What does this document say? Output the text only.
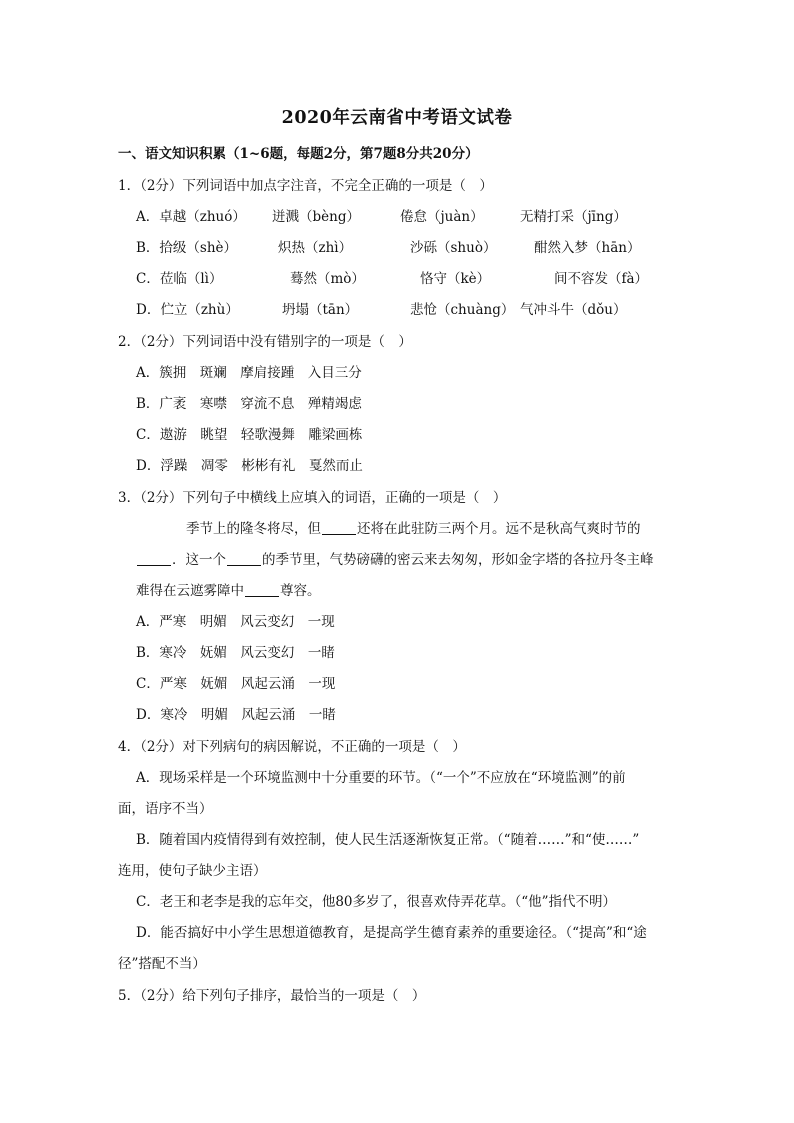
2020年云南省中考语文试卷
一、语文知识积累（1~6题，每题2分，第7题8分共20分）
1．（2分）下列词语中加点字注音，不完全正确的一项是（　）
A．卓越（zhuó） 迸溅（bèng）	倦怠（juàn）	无精打采（jīng）
B．拾级（shè）	炽热（zhì）	沙砾（shuò）	酣然入梦（hān）
C．莅临（lì）	蓦然（mò）	恪守（kè）	间不容发（fà）
D．伫立（zhù）	坍塌（tān）	悲怆（chuàng） 气冲斗牛（dǒu）
2．（2分）下列词语中没有错别字的一项是（　）
A．簇拥　斑斓　摩肩接踵　入目三分
B．广袤　寒噤　穿流不息　殚精竭虑
C．遨游　眺望　轻歌漫舞　雕梁画栋
D．浮躁　凋零　彬彬有礼　戛然而止
3．（2分）下列句子中横线上应填入的词语，正确的一项是（　）
季节上的隆冬将尽，但	还将在此驻防三两个月。远不是秋高气爽时节的
．这一个	的季节里，气势磅礴的密云来去匆匆，形如金字塔的各拉丹冬主峰
难得在云遮雾障中	尊容。
A．严寒　明媚　风云变幻　一现
B．寒冷　妩媚　风云变幻　一睹
C．严寒　妩媚　风起云涌　一现
D．寒冷　明媚　风起云涌　一睹
4．（2分）对下列病句的病因解说，不正确的一项是（　）
A．现场采样是一个环境监测中十分重要的环节。（“一个”不应放在“环境监测”的前
面，语序不当）
B．随着国内疫情得到有效控制，使人民生活逐渐恢复正常。（“随着……”和“使……”
连用，使句子缺少主语）
C．老王和老李是我的忘年交，他80多岁了，很喜欢侍弄花草。（“他”指代不明）
D．能否搞好中小学生思想道德教育，是提高学生德育素养的重要途径。（“提高”和“途
径”搭配不当）
5．（2分）给下列句子排序，最恰当的一项是（　）
